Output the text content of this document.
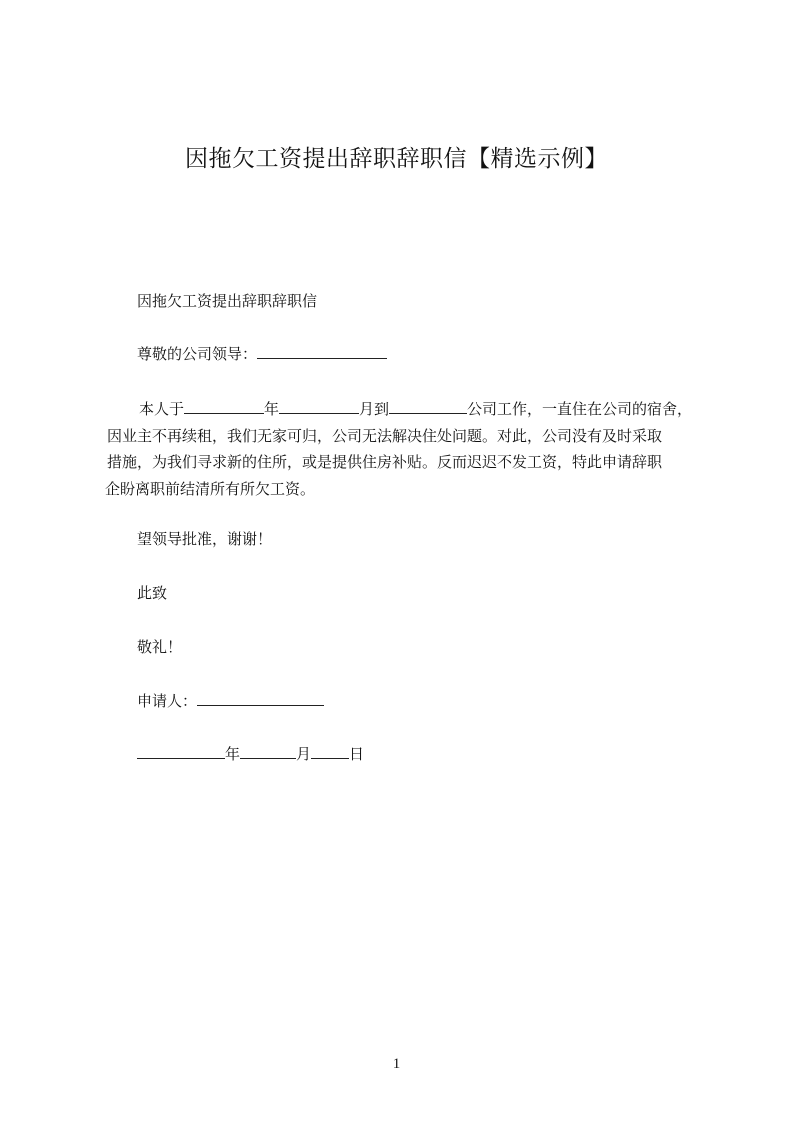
因拖欠工资提出辞职辞职信【精选示例】
因拖欠工资提出辞职辞职信
尊敬的公司领导：
本人于	年	月到	公司工作，一直住在公司的宿舍，
因业主不再续租，我们无家可归，公司无法解决住处问题。对此，公司没有及时采取
措施，为我们寻求新的住所，或是提供住房补贴。反而迟迟不发工资，特此申请辞职
企盼离职前结清所有所欠工资。
望领导批准，谢谢！
此致
敬礼！
申请人：
年	月	日
1
